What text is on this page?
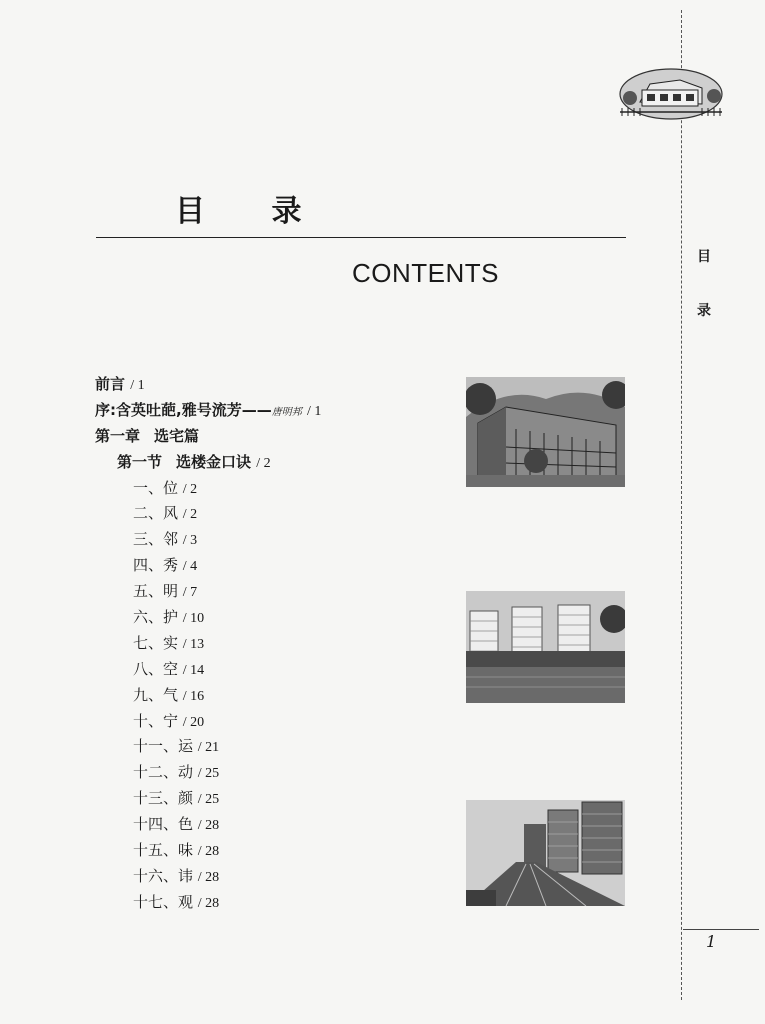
目
录
1
目 录
CONTENTS
前言 / 1
序:含英吐葩,雅号流芳——唐明邦 / 1
第一章 选宅篇
第一节 选楼金口诀 / 2
一、位 / 2
二、风 / 2
三、邻 / 3
四、秀 / 4
五、明 / 7
六、护 / 10
七、实 / 13
八、空 / 14
九、气 / 16
十、宁 / 20
十一、运 / 21
十二、动 / 25
十三、颜 / 25
十四、色 / 28
十五、味 / 28
十六、讳 / 28
十七、观 / 28
